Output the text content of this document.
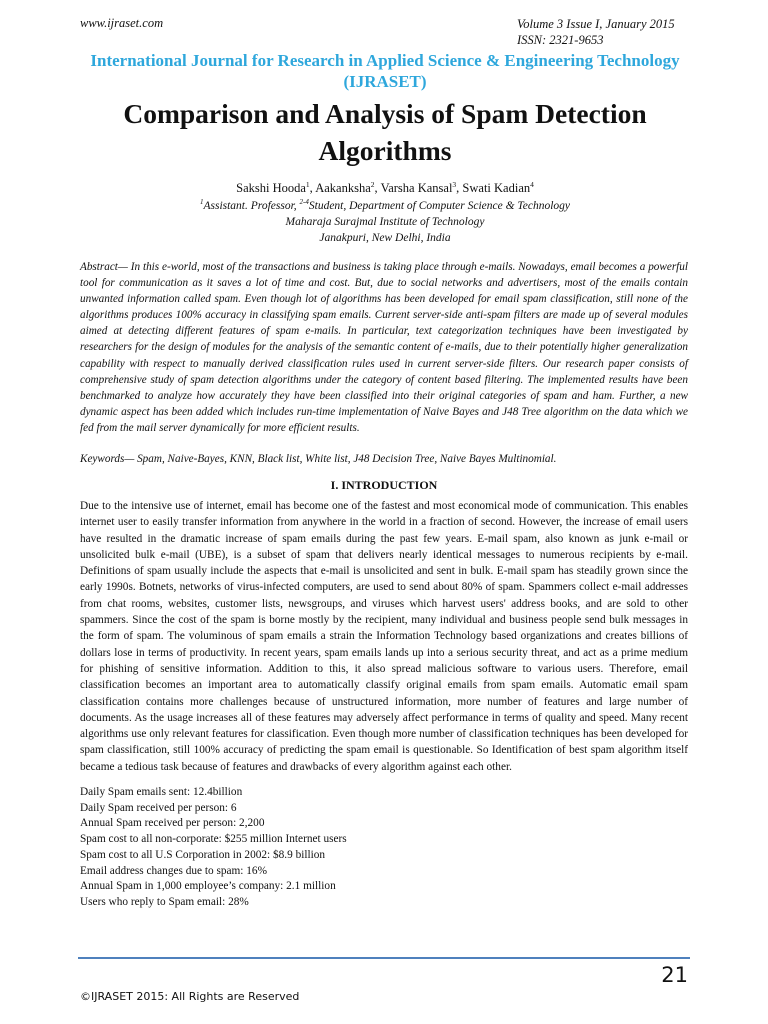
www.ijraset.com	Volume 3 Issue I, January 2015
ISSN: 2321-9653
International Journal for Research in Applied Science & Engineering Technology (IJRASET)
Comparison and Analysis of Spam Detection Algorithms
Sakshi Hooda$^1$, Aakanksha$^2$, Varsha Kansal$^3$, Swati Kadian$^4$
$^1$Assistant. Professor, $^{2-4}$Student, Department of Computer Science & Technology
Maharaja Surajmal Institute of Technology
Janakpuri, New Delhi, India
Abstract— In this e-world, most of the transactions and business is taking place through e-mails. Nowadays, email becomes a powerful tool for communication as it saves a lot of time and cost. But, due to social networks and advertisers, most of the emails contain unwanted information called spam. Even though lot of algorithms has been developed for email spam classification, still none of the algorithms produces 100% accuracy in classifying spam emails. Current server-side anti-spam filters are made up of several modules aimed at detecting different features of spam e-mails. In particular, text categorization techniques have been investigated by researchers for the design of modules for the analysis of the semantic content of e-mails, due to their potentially higher generalization capability with respect to manually derived classification rules used in current server-side filters. Our research paper consists of comprehensive study of spam detection algorithms under the category of content based filtering. The implemented results have been benchmarked to analyze how accurately they have been classified into their original categories of spam and ham. Further, a new dynamic aspect has been added which includes run-time implementation of Naive Bayes and J48 Tree algorithm on the data which we fed from the mail server dynamically for more efficient results.
Keywords— Spam, Naive-Bayes, KNN, Black list, White list, J48 Decision Tree, Naive Bayes Multinomial.
I. INTRODUCTION
Due to the intensive use of internet, email has become one of the fastest and most economical mode of communication. This enables internet user to easily transfer information from anywhere in the world in a fraction of second. However, the increase of email users have resulted in the dramatic increase of spam emails during the past few years. E-mail spam, also known as junk e-mail or unsolicited bulk e-mail (UBE), is a subset of spam that delivers nearly identical messages to numerous recipients by e-mail. Definitions of spam usually include the aspects that e-mail is unsolicited and sent in bulk. E-mail spam has steadily grown since the early 1990s. Botnets, networks of virus-infected computers, are used to send about 80% of spam. Spammers collect e-mail addresses from chat rooms, websites, customer lists, newsgroups, and viruses which harvest users' address books, and are sold to other spammers. Since the cost of the spam is borne mostly by the recipient, many individual and business people send bulk messages in the form of spam. The voluminous of spam emails a strain the Information Technology based organizations and creates billions of dollars lose in terms of productivity. In recent years, spam emails lands up into a serious security threat, and act as a prime medium for phishing of sensitive information. Addition to this, it also spread malicious software to various users. Therefore, email classification becomes an important area to automatically classify original emails from spam emails. Automatic email spam classification contains more challenges because of unstructured information, more number of features and large number of documents. As the usage increases all of these features may adversely affect performance in terms of quality and speed. Many recent algorithms use only relevant features for classification. Even though more number of classification techniques has been developed for spam classification, still 100% accuracy of predicting the spam email is questionable. So Identification of best spam algorithm itself became a tedious task because of features and drawbacks of every algorithm against each other.
Daily Spam emails sent: 12.4billion
Daily Spam received per person: 6
Annual Spam received per person: 2,200
Spam cost to all non-corporate: $255 million Internet users
Spam cost to all U.S Corporation in 2002: $8.9 billion
Email address changes due to spam: 16%
Annual Spam in 1,000 employee’s company: 2.1 million
Users who reply to Spam email: 28%
21
©IJRASET 2015: All Rights are Reserved
